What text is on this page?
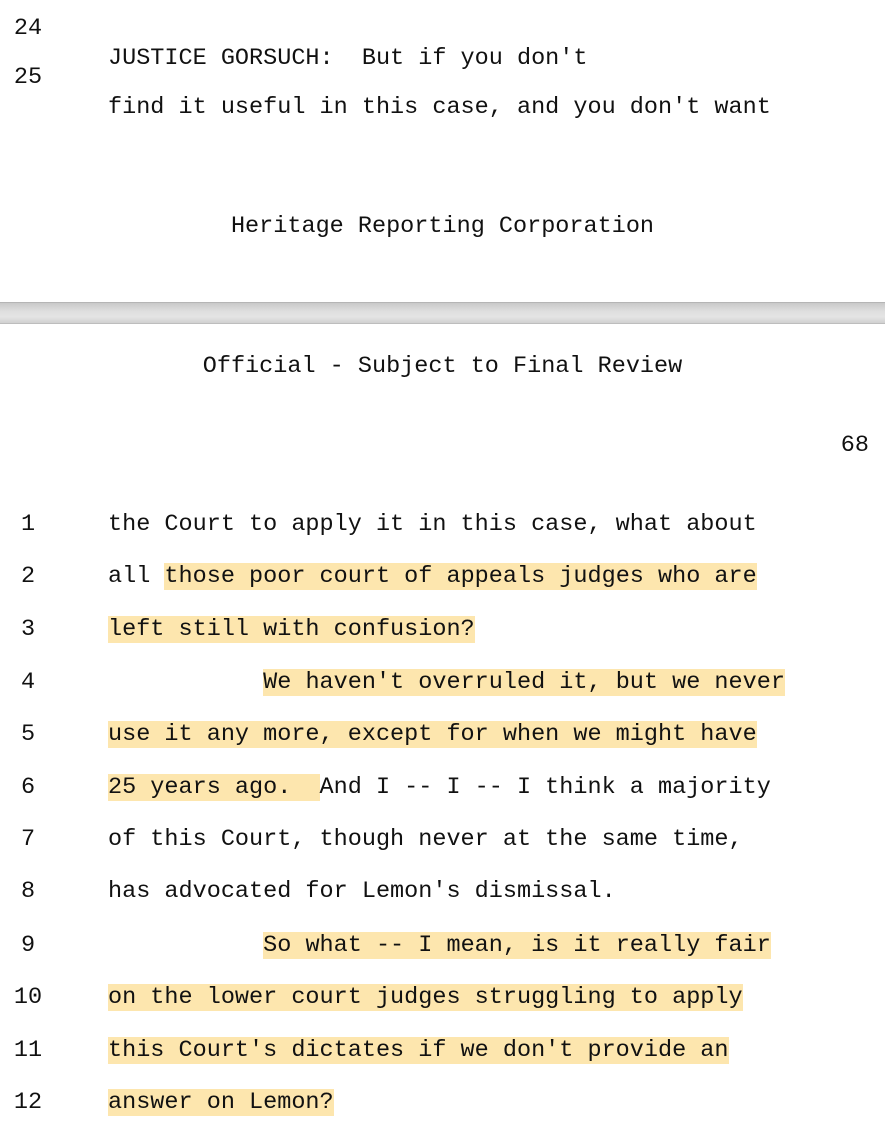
24

JUSTICE GORSUCH:  But if you don't

25

find it useful in this case, and you don't want

Heritage Reporting Corporation
Official - Subject to Final Review
68
1	the Court to apply it in this case, what about
2	all those poor court of appeals judges who are
3	left still with confusion?
4	We haven't overruled it, but we never
5	use it any more, except for when we might have
6	25 years ago.  And I -- I -- I think a majority
7	of this Court, though never at the same time,
8	has advocated for Lemon's dismissal.
9	So what -- I mean, is it really fair
10	on the lower court judges struggling to apply
11	this Court's dictates if we don't provide an
12	answer on Lemon?
